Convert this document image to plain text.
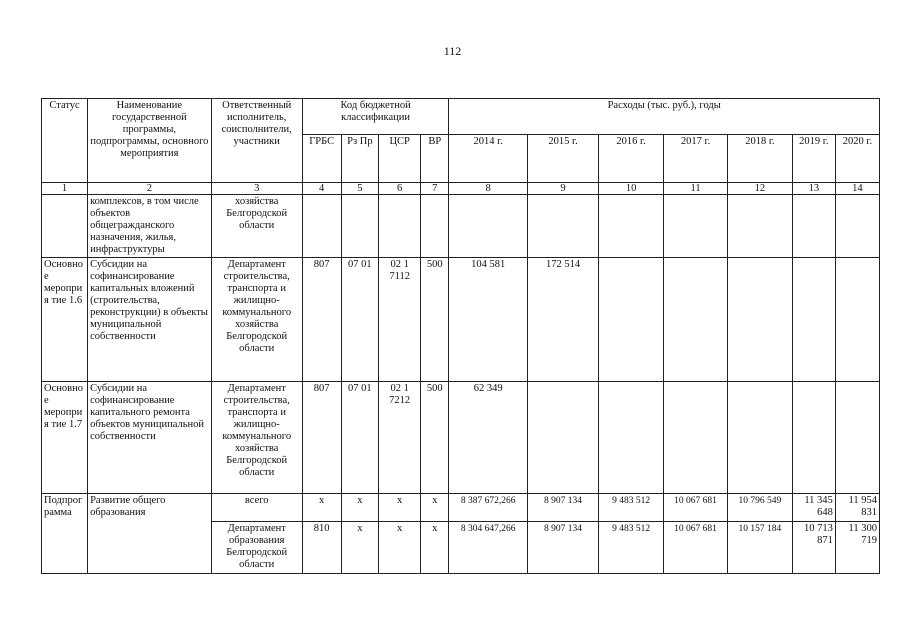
112
Статус	Наименование государственной программы, подпрограммы, основного мероприятия	Ответственный исполнитель, соисполнители, участники	Код бюджетной классификации				Расходы (тыс. руб.), годы						
			ГРБС	Рз Пр	ЦСР	ВР	2014 г.	2015 г.	2016 г.	2017 г.	2018 г.	2019 г.	2020 г.
1	2	3	4	5	6	7	8	9	10	11	12	13	14
	комплексов, в том числе объектов общегражданского назначения, жилья, инфраструктуры	хозяйства Белгородской области											
Основное мероприя тие 1.6	Субсидии на софинансирование капитальных вложений (строительства, реконструкции) в объекты муниципальной собственности	Департамент строительства, транспорта и жилищно-коммунального хозяйства Белгородской области	807	07 01	02 1 7112	500	104 581	172 514					
Основное мероприя тие 1.7	Субсидии на софинансирование капитального ремонта объектов муниципальной собственности	Департамент строительства, транспорта и жилищно-коммунального хозяйства Белгородской области	807	07 01	02 1 7212	500	62 349						
Подпрог рамма	Развитие общего образования	всего	х	х	х	х	8 387 672,266	8 907 134	9 483 512	10 067 681	10 796 549	11 345 648	11 954 831
		Департамент образования Белгородской области	810	х	х	х	8 304 647,266	8 907 134	9 483 512	10 067 681	10 157 184	10 713 871	11 300 719
